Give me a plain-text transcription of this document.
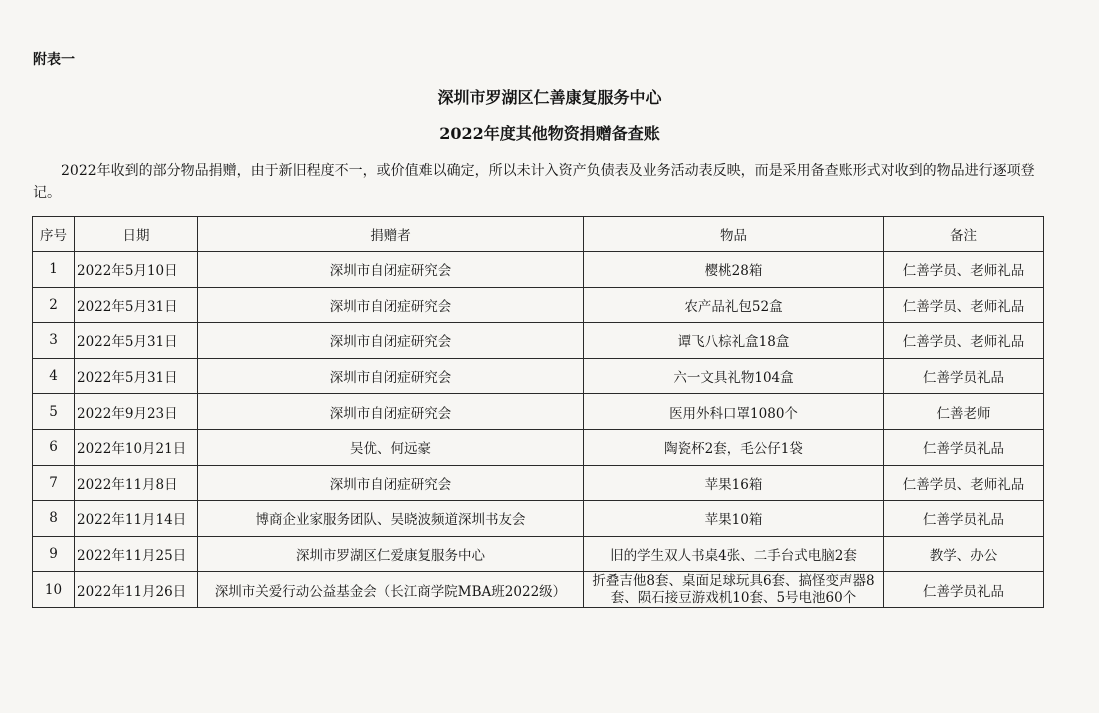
附表一
深圳市罗湖区仁善康复服务中心
2022年度其他物资捐赠备查账

2022年收到的部分物品捐赠，由于新旧程度不一，或价值难以确定，所以未计入资产负债表及业务活动表反映，而是采用备查账形式对收到的物品进行逐项登记。

序号	日期	捐赠者	物品	备注
1	2022年5月10日	深圳市自闭症研究会	樱桃28箱	仁善学员、老师礼品
2	2022年5月31日	深圳市自闭症研究会	农产品礼包52盒	仁善学员、老师礼品
3	2022年5月31日	深圳市自闭症研究会	谭飞八棕礼盒18盒	仁善学员、老师礼品
4	2022年5月31日	深圳市自闭症研究会	六一文具礼物104盒	仁善学员礼品
5	2022年9月23日	深圳市自闭症研究会	医用外科口罩1080个	仁善老师
6	2022年10月21日	吴优、何远豪	陶瓷杯2套，毛公仔1袋	仁善学员礼品
7	2022年11月8日	深圳市自闭症研究会	苹果16箱	仁善学员、老师礼品
8	2022年11月14日	博商企业家服务团队、吴晓波频道深圳书友会	苹果10箱	仁善学员礼品
9	2022年11月25日	深圳市罗湖区仁爱康复服务中心	旧的学生双人书桌4张、二手台式电脑2套	教学、办公
10	2022年11月26日	深圳市关爱行动公益基金会（长江商学院MBA班2022级）	折叠吉他8套、桌面足球玩具6套、搞怪变声器8套、陨石接豆游戏机10套、5号电池60个	仁善学员礼品
